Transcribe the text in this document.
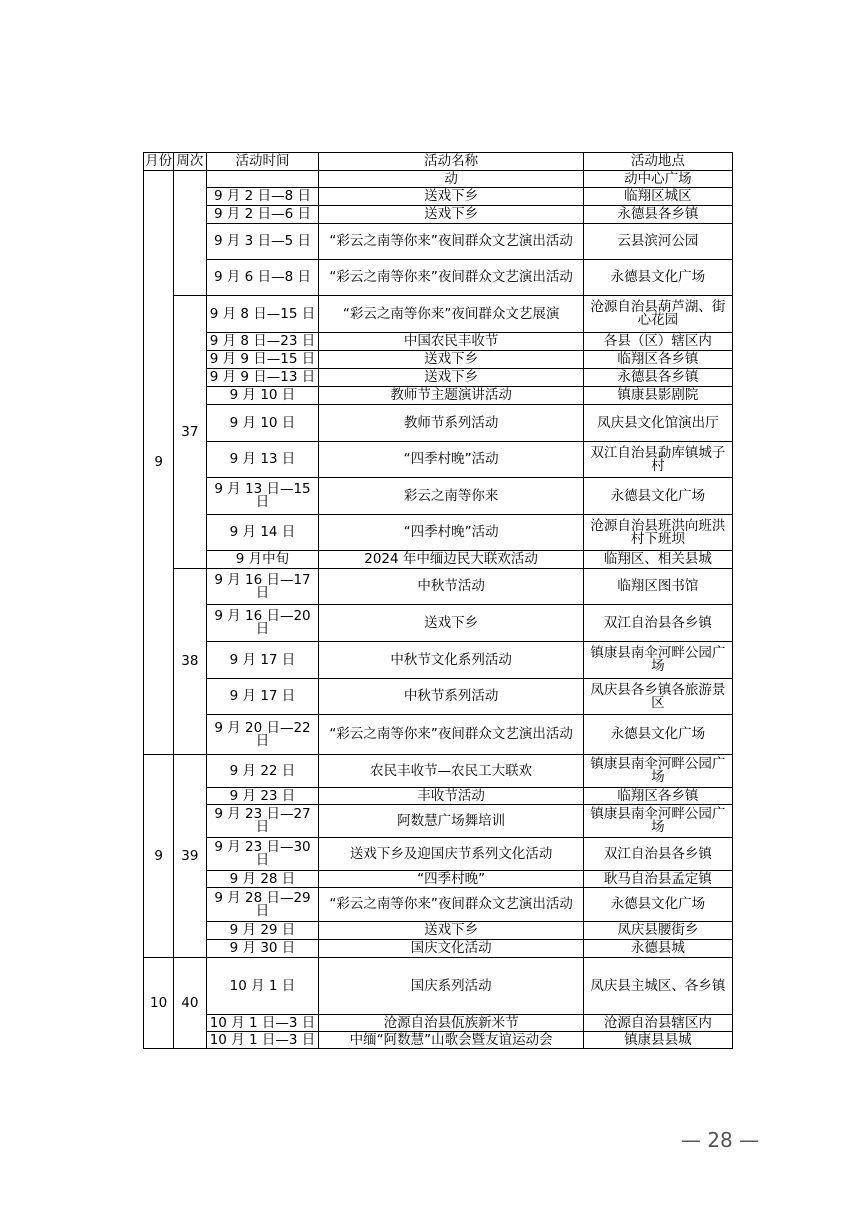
月份	周次	活动时间	活动名称	活动地点
9			动	动中心广场
		9 月 2 日—8 日	送戏下乡	临翔区城区
		9 月 2 日—6 日	送戏下乡	永德县各乡镇
		9 月 3 日—5 日	“彩云之南等你来”夜间群众文艺演出活动	云县滨河公园
		9 月 6 日—8 日	“彩云之南等你来”夜间群众文艺演出活动	永德县文化广场
	37	9 月 8 日—15 日	“彩云之南等你来”夜间群众文艺展演	沧源自治县葫芦湖、街心花园
		9 月 8 日—23 日	中国农民丰收节	各县（区）辖区内
		9 月 9 日—15 日	送戏下乡	临翔区各乡镇
		9 月 9 日—13 日	送戏下乡	永德县各乡镇
		9 月 10 日	教师节主题演讲活动	镇康县影剧院
		9 月 10 日	教师节系列活动	凤庆县文化馆演出厅
		9 月 13 日	“四季村晚”活动	双江自治县勐库镇城子村
		9 月 13 日—15 日	彩云之南等你来	永德县文化广场
		9 月 14 日	“四季村晚”活动	沧源自治县班洪向班洪村下班坝
		9 月中旬	2024 年中缅边民大联欢活动	临翔区、相关县城
	38	9 月 16 日—17 日	中秋节活动	临翔区图书馆
		9 月 16 日—20 日	送戏下乡	双江自治县各乡镇
		9 月 17 日	中秋节文化系列活动	镇康县南伞河畔公园广场
		9 月 17 日	中秋节系列活动	凤庆县各乡镇各旅游景区
		9 月 20 日—22 日	“彩云之南等你来”夜间群众文艺演出活动	永德县文化广场
9	39	9 月 22 日	农民丰收节—农民工大联欢	镇康县南伞河畔公园广场
		9 月 23 日	丰收节活动	临翔区各乡镇
		9 月 23 日—27 日	阿数慧广场舞培训	镇康县南伞河畔公园广场
		9 月 23 日—30 日	送戏下乡及迎国庆节系列文化活动	双江自治县各乡镇
		9 月 28 日	“四季村晚”	耿马自治县孟定镇
		9 月 28 日—29 日	“彩云之南等你来”夜间群众文艺演出活动	永德县文化广场
		9 月 29 日	送戏下乡	凤庆县腰街乡
		9 月 30 日	国庆文化活动	永德县城
10	40	10 月 1 日	国庆系列活动	凤庆县主城区、各乡镇
		10 月 1 日—3 日	沧源自治县佤族新米节	沧源自治县辖区内
		10 月 1 日—3 日	中缅“阿数慧”山歌会暨友谊运动会	镇康县县城
— 28 —
